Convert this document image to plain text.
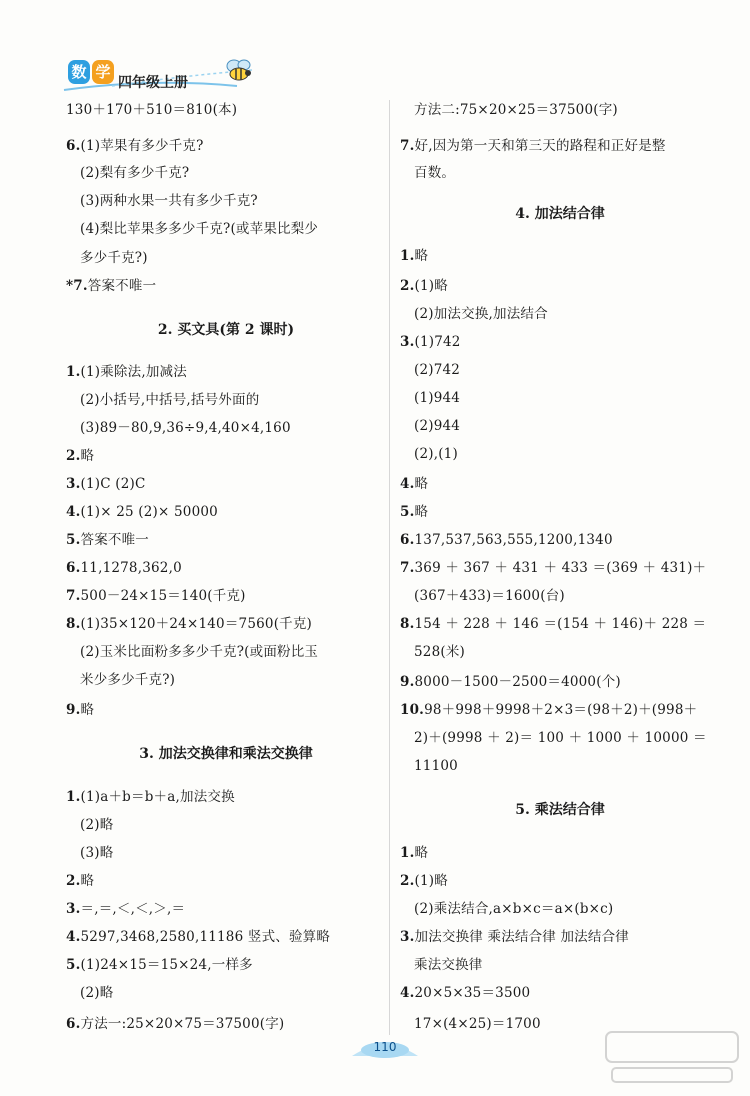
数 学
四年级上册
130＋170＋510＝810(本)
6.(1)苹果有多少千克?
(2)梨有多少千克?
(3)两种水果一共有多少千克?
(4)梨比苹果多多少千克?(或苹果比梨少
多少千克?)
*7.答案不唯一
2. 买文具(第 2 课时)
1.(1)乘除法,加减法
(2)小括号,中括号,括号外面的
(3)89－80,9,36÷9,4,40×4,160
2.略
3.(1)C (2)C
4.(1)× 25 (2)× 50000
5.答案不唯一
6.11,1278,362,0
7.500－24×15＝140(千克)
8.(1)35×120＋24×140＝7560(千克)
(2)玉米比面粉多多少千克?(或面粉比玉
米少多少千克?)
9.略
3. 加法交换律和乘法交换律
1.(1)a＋b＝b＋a,加法交换
(2)略
(3)略
2.略
3.＝,＝,＜,＜,＞,＝
4.5297,3468,2580,11186 竖式、验算略
5.(1)24×15＝15×24,一样多
(2)略
6.方法一:25×20×75＝37500(字)
方法二:75×20×25＝37500(字)
7.好,因为第一天和第三天的路程和正好是整
百数。
4. 加法结合律
1.略
2.(1)略
(2)加法交换,加法结合
3.(1)742
(2)742
(1)944
(2)944
(2),(1)
4.略
5.略
6.137,537,563,555,1200,1340
7.369 ＋ 367 ＋ 431 ＋ 433 ＝(369 ＋ 431)＋
(367＋433)＝1600(台)
8.154 ＋ 228 ＋ 146 ＝(154 ＋ 146)＋ 228 ＝
528(米)
9.8000－1500－2500＝4000(个)
10.98＋998＋9998＋2×3＝(98＋2)＋(998＋
2)＋(9998 ＋ 2)＝ 100 ＋ 1000 ＋ 10000 ＝
11100
5. 乘法结合律
1.略
2.(1)略
(2)乘法结合,a×b×c＝a×(b×c)
3.加法交换律 乘法结合律 加法结合律
乘法交换律
4.20×5×35＝3500
17×(4×25)＝1700
110
